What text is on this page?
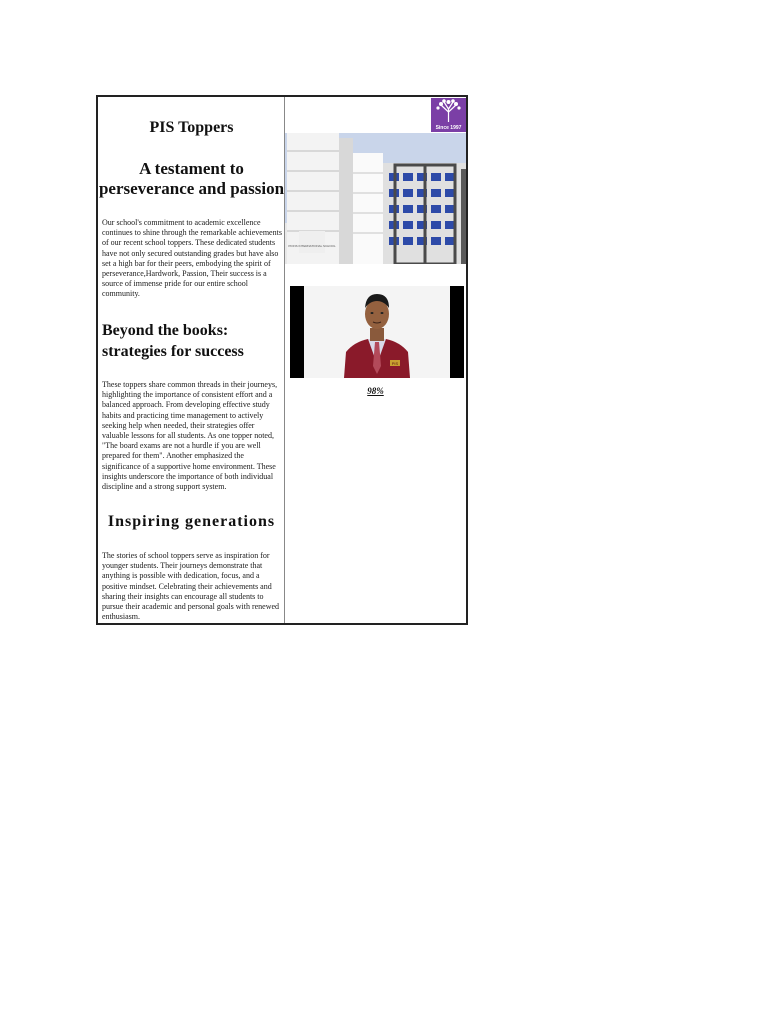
PIS Toppers
A testament to perseverance and passion
Our school's commitment to academic excellence continues to shine through the remarkable achievements of our recent school toppers. These dedicated students have not only secured outstanding grades but have also set a high bar for their peers, embodying the spirit of perseverance,Hardwork, Passion, Their success is a source of immense pride for our entire school community.
Beyond the books: strategies for success
These toppers share common threads in their journeys, highlighting the importance of consistent effort and a balanced approach. From developing effective study habits and practicing time management to actively seeking help when needed, their strategies offer valuable lessons for all students. As one topper noted, "The board exams are not a hurdle if you are well prepared for them". Another emphasized the significance of a supportive home environment. These insights underscore the importance of both individual discipline and a strong support system.
Inspiring generations
The stories of school toppers serve as inspiration for younger students. Their journeys demonstrate that anything is possible with dedication, focus, and a positive mindset. Celebrating their achievements and sharing their insights can encourage all students to pursue their academic and personal goals with renewed enthusiasm.
Since 1997
PIONS INTERNATIONAL SCHOOL
PIS
98%
